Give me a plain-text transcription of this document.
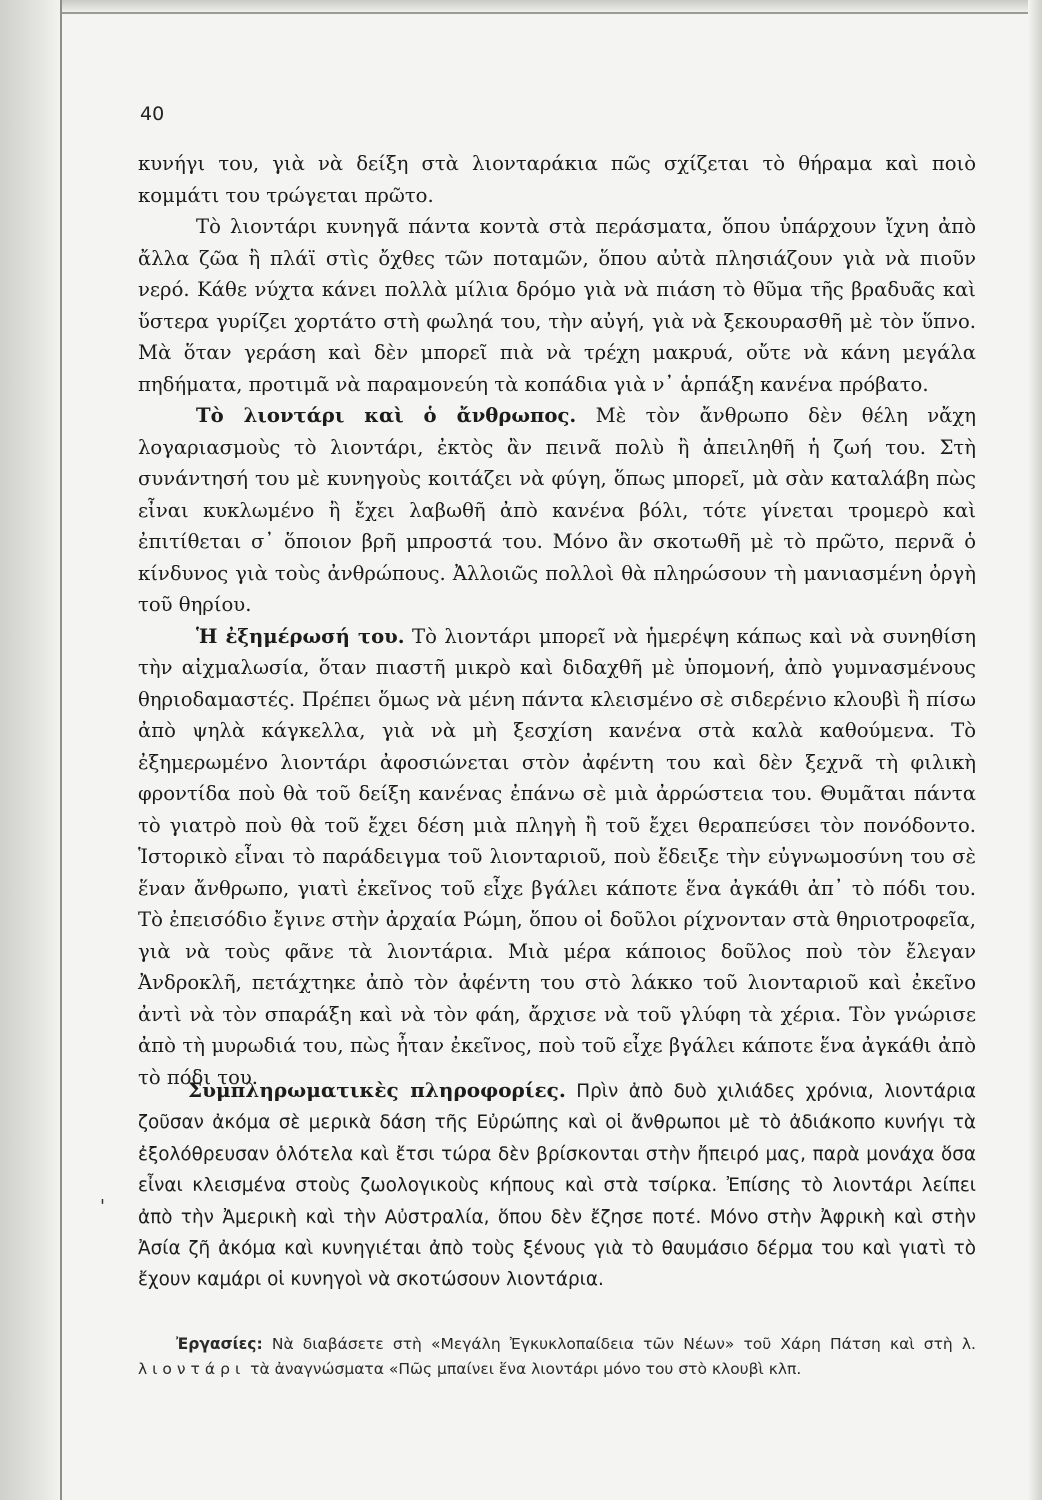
40

κυνήγι του, γιὰ νὰ δείξη στὰ λιονταράκια πῶς σχίζεται τὸ θήραμα καὶ ποιὸ κομμάτι του τρώγεται πρῶτο.

Τὸ λιοντάρι κυνηγᾶ πάντα κοντὰ στὰ περάσματα, ὅπου ὑπάρχουν ἴχνη ἀπὸ ἄλλα ζῶα ἢ πλάϊ στὶς ὄχθες τῶν ποταμῶν, ὅπου αὐτὰ πλησιάζουν γιὰ νὰ πιοῦν νερό. Κάθε νύχτα κάνει πολλὰ μίλια δρόμο γιὰ νὰ πιάση τὸ θῦμα τῆς βραδυᾶς καὶ ὕστερα γυρίζει χορτάτο στὴ φωληά του, τὴν αὐγή, γιὰ νὰ ξεκουρασθῆ μὲ τὸν ὕπνο. Μὰ ὅταν γεράση καὶ δὲν μπορεῖ πιὰ νὰ τρέχη μακρυά, οὔτε νὰ κάνη μεγάλα πηδήματα, προτιμᾶ νὰ παραμονεύη τὰ κοπάδια γιὰ ν᾽ ἁρπάξη κανένα πρόβατο.

Τὸ λιοντάρι καὶ ὁ ἄνθρωπος. Μὲ τὸν ἄνθρωπο δὲν θέλη νἄχη λογαριασμοὺς τὸ λιοντάρι, ἐκτὸς ἂν πεινᾶ πολὺ ἢ ἀπειληθῆ ἡ ζωή του. Στὴ συνάντησή του μὲ κυνηγοὺς κοιτάζει νὰ φύγη, ὅπως μπορεῖ, μὰ σὰν καταλάβη πὼς εἶναι κυκλωμένο ἢ ἔχει λαβωθῆ ἀπὸ κανένα βόλι, τότε γίνεται τρομερὸ καὶ ἐπιτίθεται σ᾽ ὅποιον βρῆ μπροστά του. Μόνο ἂν σκοτωθῆ μὲ τὸ πρῶτο, περνᾶ ὁ κίνδυνος γιὰ τοὺς ἀνθρώπους. Ἀλλοιῶς πολλοὶ θὰ πληρώσουν τὴ μανιασμένη ὀργὴ τοῦ θηρίου.

Ἡ ἐξημέρωσή του. Τὸ λιοντάρι μπορεῖ νὰ ἡμερέψη κάπως καὶ νὰ συνηθίση τὴν αἰχμαλωσία, ὅταν πιαστῆ μικρὸ καὶ διδαχθῆ μὲ ὑπομονή, ἀπὸ γυμνασμένους θηριοδαμαστές. Πρέπει ὅμως νὰ μένη πάντα κλεισμένο σὲ σιδερένιο κλουβὶ ἢ πίσω ἀπὸ ψηλὰ κάγκελλα, γιὰ νὰ μὴ ξεσχίση κανένα στὰ καλὰ καθούμενα. Τὸ ἐξημερωμένο λιοντάρι ἀφοσιώνεται στὸν ἀφέντη του καὶ δὲν ξεχνᾶ τὴ φιλικὴ φροντίδα ποὺ θὰ τοῦ δείξη κανένας ἐπάνω σὲ μιὰ ἀρρώστεια του. Θυμᾶται πάντα τὸ γιατρὸ ποὺ θὰ τοῦ ἔχει δέση μιὰ πληγὴ ἢ τοῦ ἔχει θεραπεύσει τὸν πονόδοντο. Ἱστορικὸ εἶναι τὸ παράδειγμα τοῦ λιονταριοῦ, ποὺ ἔδειξε τὴν εὐγνωμοσύνη του σὲ ἕναν ἄνθρωπο, γιατὶ ἐκεῖνος τοῦ εἶχε βγάλει κάποτε ἕνα ἀγκάθι ἀπ᾽ τὸ πόδι του. Τὸ ἐπεισόδιο ἔγινε στὴν ἀρχαία Ρώμη, ὅπου οἱ δοῦλοι ρίχνονταν στὰ θηριοτροφεῖα, γιὰ νὰ τοὺς φᾶνε τὰ λιοντάρια. Μιὰ μέρα κάποιος δοῦλος ποὺ τὸν ἔλεγαν Ἀνδροκλῆ, πετάχτηκε ἀπὸ τὸν ἀφέντη του στὸ λάκκο τοῦ λιονταριοῦ καὶ ἐκεῖνο ἀντὶ νὰ τὸν σπαράξη καὶ νὰ τὸν φάη, ἄρχισε νὰ τοῦ γλύφη τὰ χέρια. Τὸν γνώρισε ἀπὸ τὴ μυρωδιά του, πὼς ἦταν ἐκεῖνος, ποὺ τοῦ εἶχε βγάλει κάποτε ἕνα ἀγκάθι ἀπὸ τὸ πόδι του.

'

Συμπληρωματικὲς πληροφορίες. Πρὶν ἀπὸ δυὸ χιλιάδες χρόνια, λιοντάρια ζοῦσαν ἀκόμα σὲ μερικὰ δάση τῆς Εὐρώπης καὶ οἱ ἄνθρωποι μὲ τὸ ἀδιάκοπο κυνήγι τὰ ἐξολόθρευσαν ὁλότελα καὶ ἔτσι τώρα δὲν βρίσκονται στὴν ἤπειρό μας, παρὰ μονάχα ὅσα εἶναι κλεισμένα στοὺς ζωολογικοὺς κήπους καὶ στὰ τσίρκα. Ἐπίσης τὸ λιοντάρι λείπει ἀπὸ τὴν Ἀμερικὴ καὶ τὴν Αὐστραλία, ὅπου δὲν ἔζησε ποτέ. Μόνο στὴν Ἀφρικὴ καὶ στὴν Ἀσία ζῆ ἀκόμα καὶ κυνηγιέται ἀπὸ τοὺς ξένους γιὰ τὸ θαυμάσιο δέρμα του καὶ γιατὶ τὸ ἔχουν καμάρι οἱ κυνηγοὶ νὰ σκοτώσουν λιοντάρια.

Ἐργασίες: Νὰ διαβάσετε στὴ «Μεγάλη Ἐγκυκλοπαίδεια τῶν Νέων» τοῦ Χάρη Πάτση καὶ στὴ λ. λιοντάρι τὰ ἀναγνώσματα «Πῶς μπαίνει ἕνα λιοντάρι μόνο του στὸ κλουβὶ κλπ.
